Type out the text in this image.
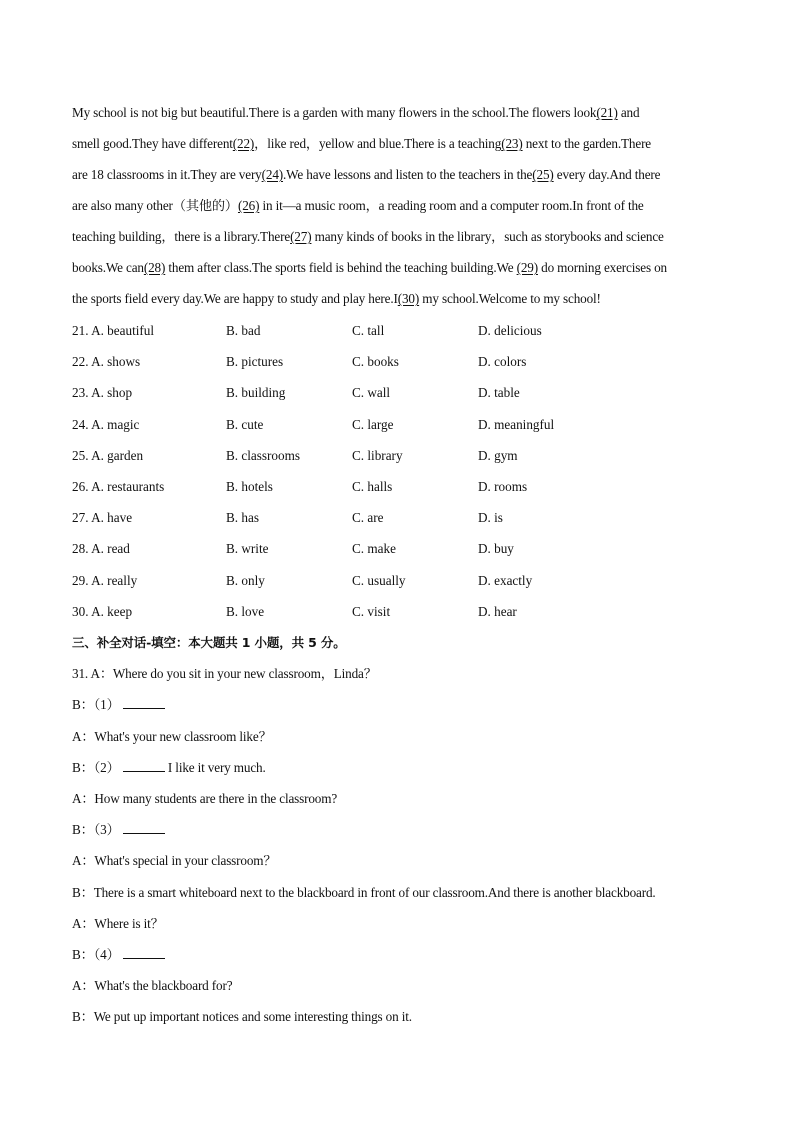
My school is not big but beautiful.There is a garden with many flowers in the school.The flowers look(21) and
smell good.They have different(22)，like red，yellow and blue.There is a teaching(23) next to the garden.There
are 18 classrooms in it.They are very(24).We have lessons and listen to the teachers in the(25) every day.And there
are also many other（其他的）(26) in it—a music room，a reading room and a computer room.In front of the
teaching building，there is a library.There(27) many kinds of books in the library，such as storybooks and science
books.We can(28) them after class.The sports field is behind the teaching building.We (29) do morning exercises on
the sports field every day.We are happy to study and play here.I(30) my school.Welcome to my school!
21. A. beautiful	B. bad	C. tall	D. delicious
22. A. shows	B. pictures	C. books	D. colors
23. A. shop	B. building	C. wall	D. table
24. A. magic	B. cute	C. large	D. meaningful
25. A. garden	B. classrooms	C. library	D. gym
26. A. restaurants	B. hotels	C. halls	D. rooms
27. A. have	B. has	C. are	D. is
28. A. read	B. write	C. make	D. buy
29. A. really	B. only	C. usually	D. exactly
30. A. keep	B. love	C. visit	D. hear
三、补全对话-填空：本大题共 1 小题，共 5 分。
31. A：Where do you sit in your new classroom，Linda？
B：（1）
A：What's your new classroom like？
B：（2）	I like it very much.
A：How many students are there in the classroom?
B：（3）
A：What's special in your classroom？
B：There is a smart whiteboard next to the blackboard in front of our classroom.And there is another blackboard.
A：Where is it？
B：（4）
A：What's the blackboard for?
B：We put up important notices and some interesting things on it.
